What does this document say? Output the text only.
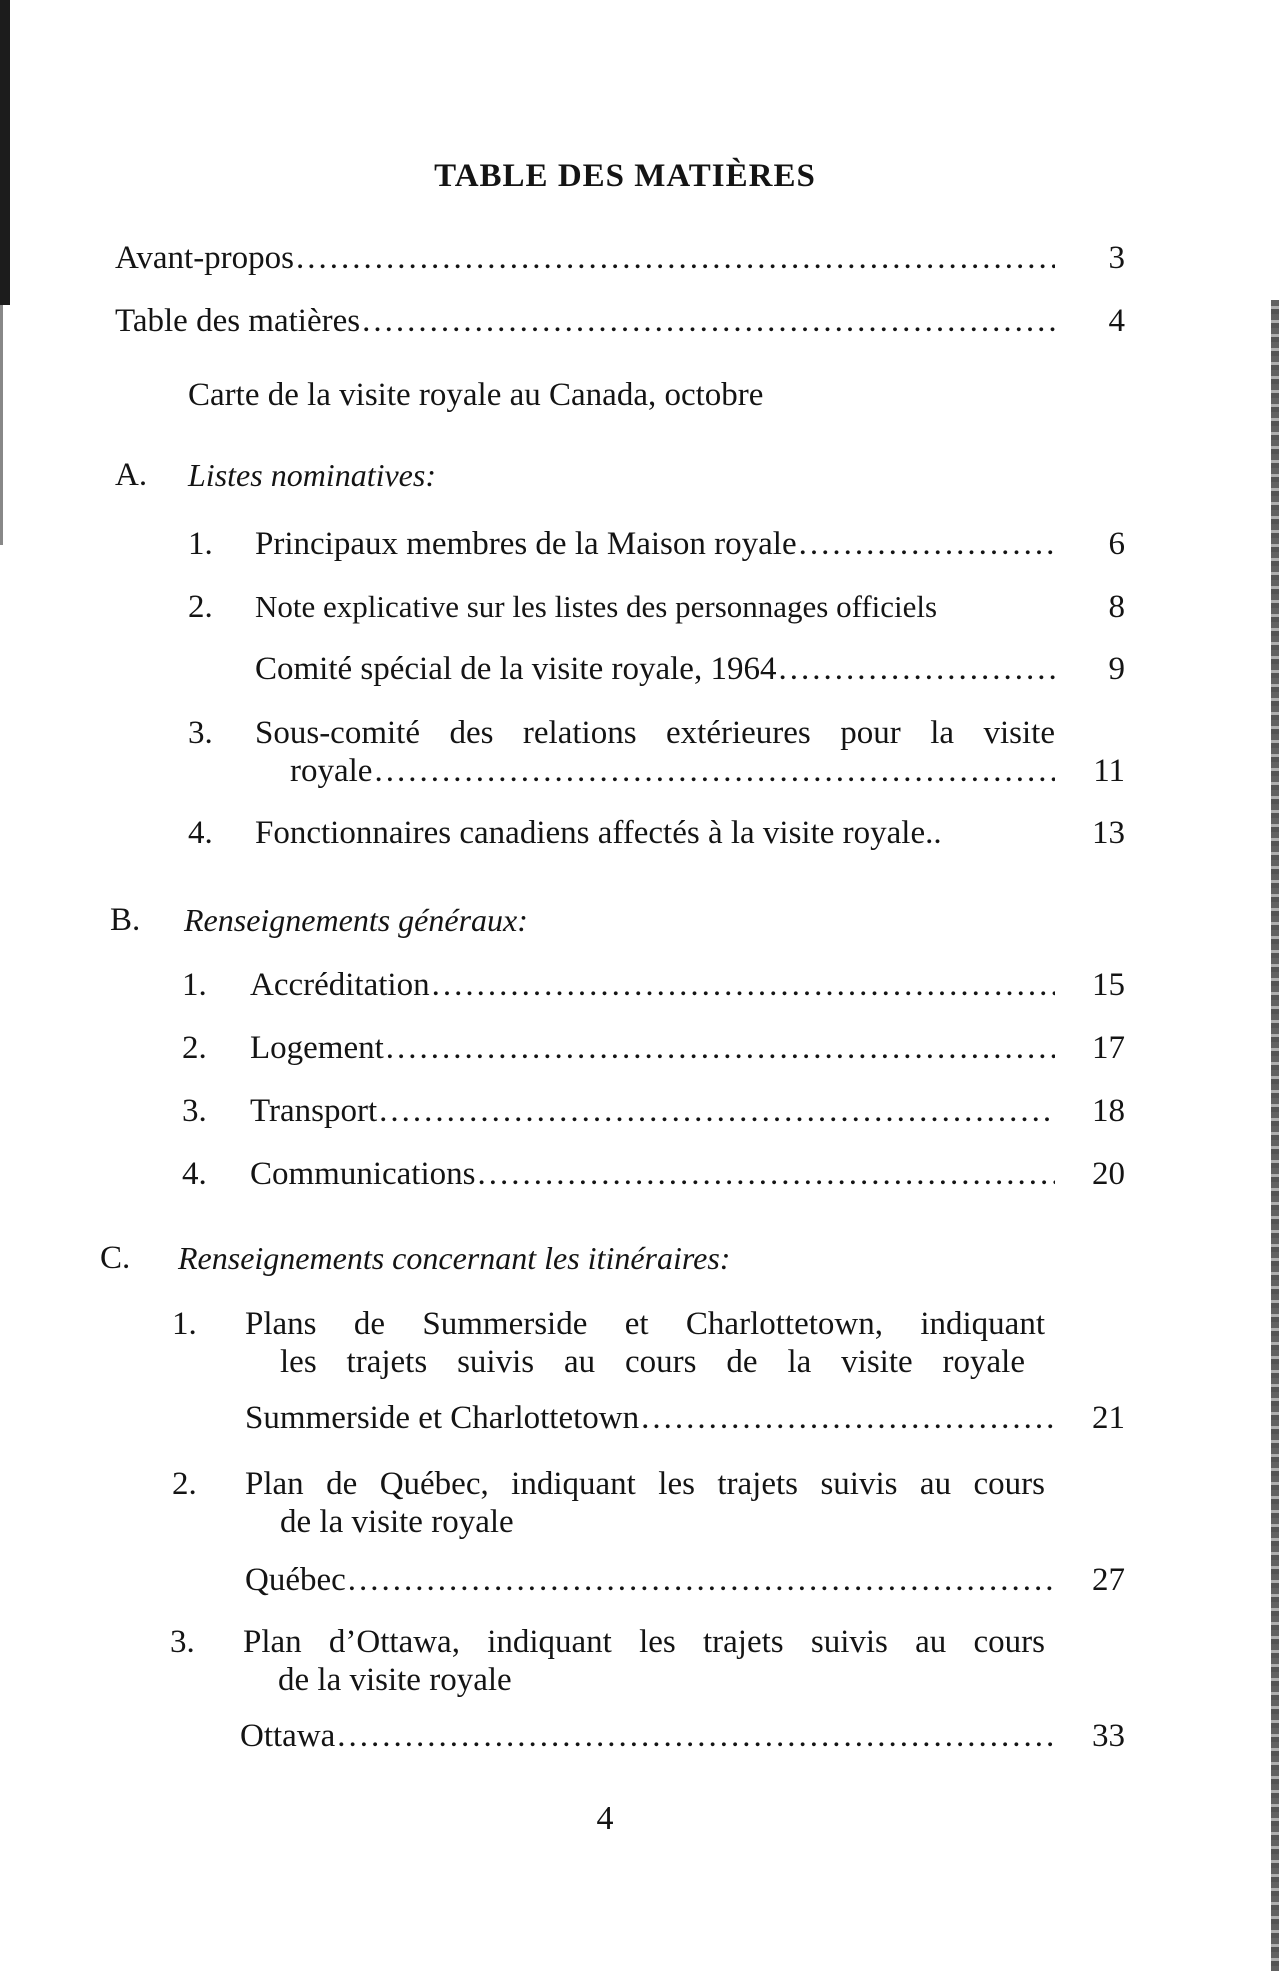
TABLE DES MATIÈRES
Avant-propos .....	3
Table des matières .....	4
Carte de la visite royale au Canada, octobre
A. Listes nominatives:
1. Principaux membres de la Maison royale .....	6
2. Note explicative sur les listes des personnages officiels	8
Comité spécial de la visite royale, 1964 .....	9
3. Sous-comité des relations extérieures pour la visite
royale .....	11
4. Fonctionnaires canadiens affectés à la visite royale..	13
B. Renseignements généraux:
1. Accréditation .....	15
2. Logement .....	17
3. Transport .....	18
4. Communications .....	20
C. Renseignements concernant les itinéraires:
1. Plans de Summerside et Charlottetown, indiquant
les trajets suivis au cours de la visite royale
Summerside et Charlottetown .....	21
2. Plan de Québec, indiquant les trajets suivis au cours
de la visite royale
Québec .....	27
3. Plan d’Ottawa, indiquant les trajets suivis au cours
de la visite royale
Ottawa .....	33
4
